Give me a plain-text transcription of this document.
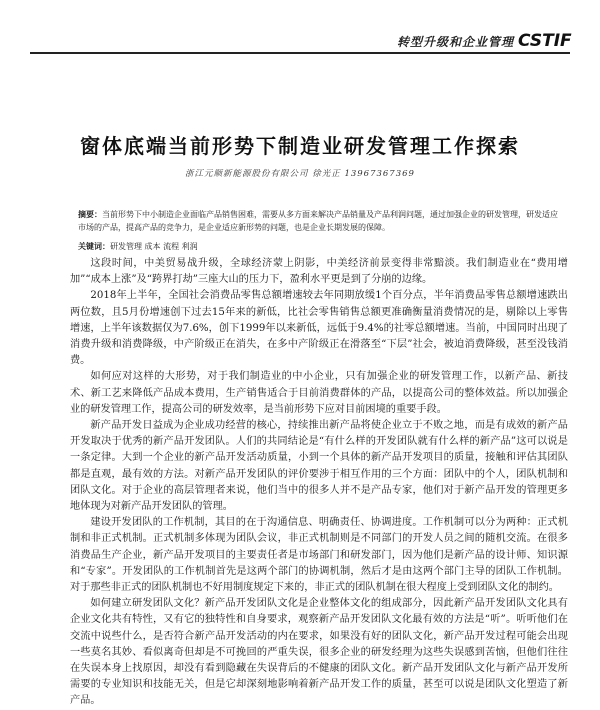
转型升级和企业管理 CSTIF
窗体底端当前形势下制造业研发管理工作探索
浙江元顺新能源股份有限公司 徐光正 13967367369
摘要：当前形势下中小制造企业面临产品销售困难，需要从多方面来解决产品销量及产品利润问题，通过加强企业的研发管理，研发适应市场的产品，提高产品的竞争力，是企业适应新形势的问题，也是企业长期发展的保障。
关键词：研发管理 成本 流程 利润

这段时间，中美贸易战升级，全球经济蒙上阴影，中美经济前景变得非常黯淡。我们制造业在“费用增加”“成本上涨”及“跨界打劫”三座大山的压力下，盈利水平更是到了分崩的边缘。

2018年上半年，全国社会消费品零售总额增速较去年同期放缓1个百分点，半年消费品零售总额增速跌出两位数，且5月份增速创下过去15年来的新低，比社会零售销售总额更准确衡量消费情况的是，剔除以上零售增速，上半年该数据仅为7.6%，创下1999年以来新低，远低于9.4%的社零总额增速。当前，中国同时出现了消费升级和消费降级，中产阶级正在消失，在多中产阶级正在滑落至“下层”社会，被迫消费降级，甚至没钱消费。

如何应对这样的大形势，对于我们制造业的中小企业，只有加强企业的研发管理工作，以新产品、新技术、新工艺来降低产品成本费用，生产销售适合于目前消费群体的产品，以提高公司的整体效益。所以加强企业的研发管理工作，提高公司的研发效率，是当前形势下应对目前困境的重要手段。

新产品开发日益成为企业成功经营的核心，持续推出新产品将使企业立于不败之地，而是有成效的新产品开发取决于优秀的新产品开发团队。人们的共同结论是“有什么样的开发团队就有什么样的新产品”这可以说是一条定律。大到一个企业的新产品开发活动质量，小到一个具体的新产品开发项目的质量，接触和评估其团队都是直观，最有效的方法。对新产品开发团队的评价要涉于相互作用的三个方面：团队中的个人，团队机制和团队文化。对于企业的高层管理者来说，他们当中的很多人并不是产品专家，他们对于新产品开发的管理更多地体现为对新产品开发团队的管理。

建设开发团队的工作机制，其目的在于沟通信息、明确责任、协调进度。工作机制可以分为两种：正式机制和非正式机制。正式机制多体现为团队会议，非正式机制则是不同部门的开发人员之间的随机交流。在很多消费品生产企业，新产品开发项目的主要责任者是市场部门和研发部门，因为他们是新产品的设计师、知识源和“专家”。开发团队的工作机制首先是这两个部门的协调机制，然后才是由这两个部门主导的团队工作机制。对于那些非正式的团队机制也不好用制度规定下来的，非正式的团队机制在很大程度上受到团队文化的制约。

如何建立研发团队文化？新产品开发团队文化是企业整体文化的组成部分，因此新产品开发团队文化具有企业文化共有特性，又有它的独特性和自身要求，观察新产品开发团队文化最有效的方法是“听”。听听他们在交流中说些什么，是否符合新产品开发活动的内在要求，如果没有好的团队文化，新产品开发过程可能会出现一些莫名其妙、看似离奇但却是不可挽回的严重失误，很多企业的研发经理为这些失误感到苦恼，但他们往往在失误本身上找原因，却没有看到隐藏在失误背后的不健康的团队文化。新产品开发团队文化与新产品开发所需要的专业知识和技能无关，但是它却深刻地影响着新产品开发工作的质量，甚至可以说是团队文化塑造了新产品。
